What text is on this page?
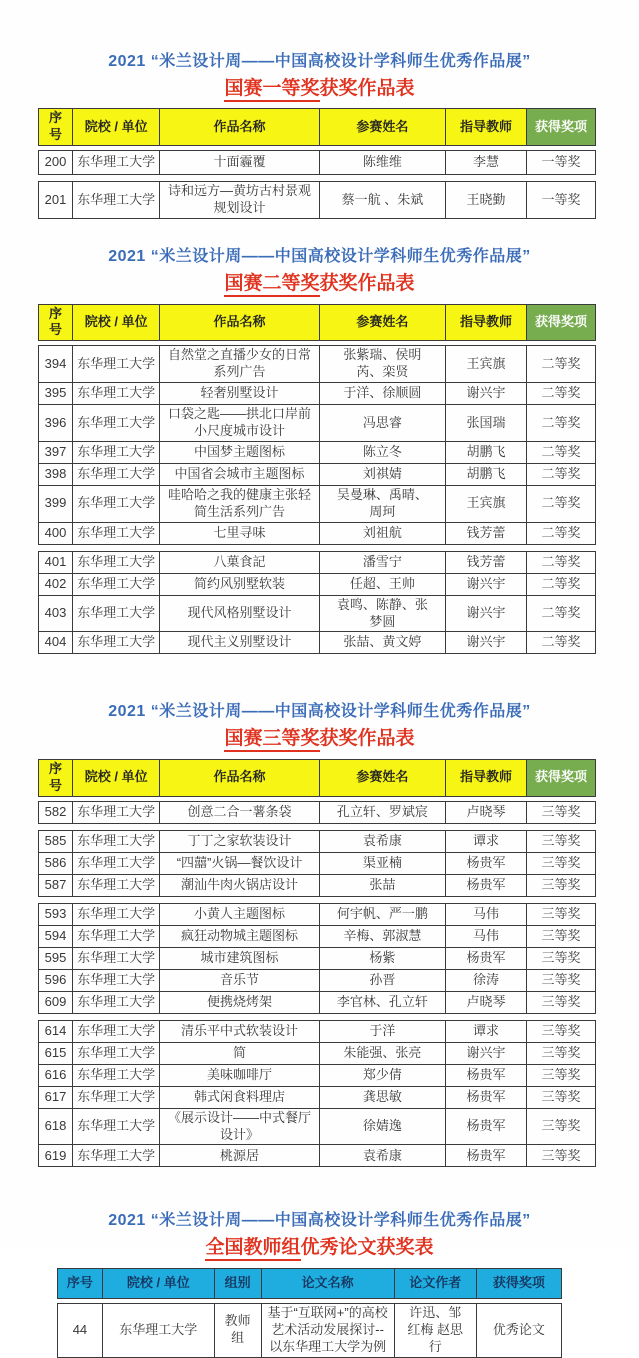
2021 “米兰设计周——中国高校设计学科师生优秀作品展”
国赛一等奖获奖作品表
序号	院校 / 单位	作品名称	参赛姓名	指导教师	获得奖项
200	东华理工大学	十面霾覆	陈维维	李慧	一等奖
201	东华理工大学	诗和远方—黄坊古村景观规划设计	蔡一航 、朱斌	王晓勤	一等奖
2021 “米兰设计周——中国高校设计学科师生优秀作品展”
国赛二等奖获奖作品表
序号	院校 / 单位	作品名称	参赛姓名	指导教师	获得奖项
394	东华理工大学	自然堂之直播少女的日常系列广告	张紫瑞、侯明芮、栾贤	王宾旗	二等奖
395	东华理工大学	轻奢别墅设计	于洋、徐顺圆	谢兴宇	二等奖
396	东华理工大学	口袋之匙——拱北口岸前小尺度城市设计	冯思睿	张国瑞	二等奖
397	东华理工大学	中国梦主题图标	陈立冬	胡鹏飞	二等奖
398	东华理工大学	中国省会城市主题图标	刘祺婧	胡鹏飞	二等奖
399	东华理工大学	哇哈哈之我的健康主张轻简生活系列广告	吴曼琳、禹晴、周珂	王宾旗	二等奖
400	东华理工大学	七里寻味	刘祖航	钱芳蕾	二等奖
401	东华理工大学	八菓食記	潘雪宁	钱芳蕾	二等奖
402	东华理工大学	简约风别墅软装	任超、王帅	谢兴宇	二等奖
403	东华理工大学	现代风格别墅设计	袁鸣、陈静、张梦圆	谢兴宇	二等奖
404	东华理工大学	现代主义别墅设计	张喆、黄文婷	谢兴宇	二等奖
2021 “米兰设计周——中国高校设计学科师生优秀作品展”
国赛三等奖获奖作品表
序号	院校 / 单位	作品名称	参赛姓名	指导教师	获得奖项
582	东华理工大学	创意二合一薯条袋	孔立轩、罗斌宸	卢晓琴	三等奖
585	东华理工大学	丁丁之家软装设计	袁希康	谭求	三等奖
586	东华理工大学	“四囍”火锅—餐饮设计	渠亚楠	杨贵军	三等奖
587	东华理工大学	潮汕牛肉火锅店设计	张喆	杨贵军	三等奖
593	东华理工大学	小黄人主题图标	何宇帆、严一鹏	马伟	三等奖
594	东华理工大学	疯狂动物城主题图标	辛梅、郭淑慧	马伟	三等奖
595	东华理工大学	城市建筑图标	杨紫	杨贵军	三等奖
596	东华理工大学	音乐节	孙晋	徐涛	三等奖
609	东华理工大学	便携烧烤架	李官林、孔立轩	卢晓琴	三等奖
614	东华理工大学	清乐平中式软装设计	于洋	谭求	三等奖
615	东华理工大学	简	朱能强、张亮	谢兴宇	三等奖
616	东华理工大学	美味咖啡厅	郑少倩	杨贵军	三等奖
617	东华理工大学	韩式闲食料理店	龚思敏	杨贵军	三等奖
618	东华理工大学	《展示设计——中式餐厅设计》	徐婧逸	杨贵军	三等奖
619	东华理工大学	桃源居	袁希康	杨贵军	三等奖
2021 “米兰设计周——中国高校设计学科师生优秀作品展”
全国教师组优秀论文获奖表
序号	院校 / 单位	组别	论文名称	论文作者	获得奖项
44	东华理工大学	教师组	基于“互联网+”的高校艺术活动发展探讨--以东华理工大学为例	许迅、邹红梅 赵思行	优秀论文
